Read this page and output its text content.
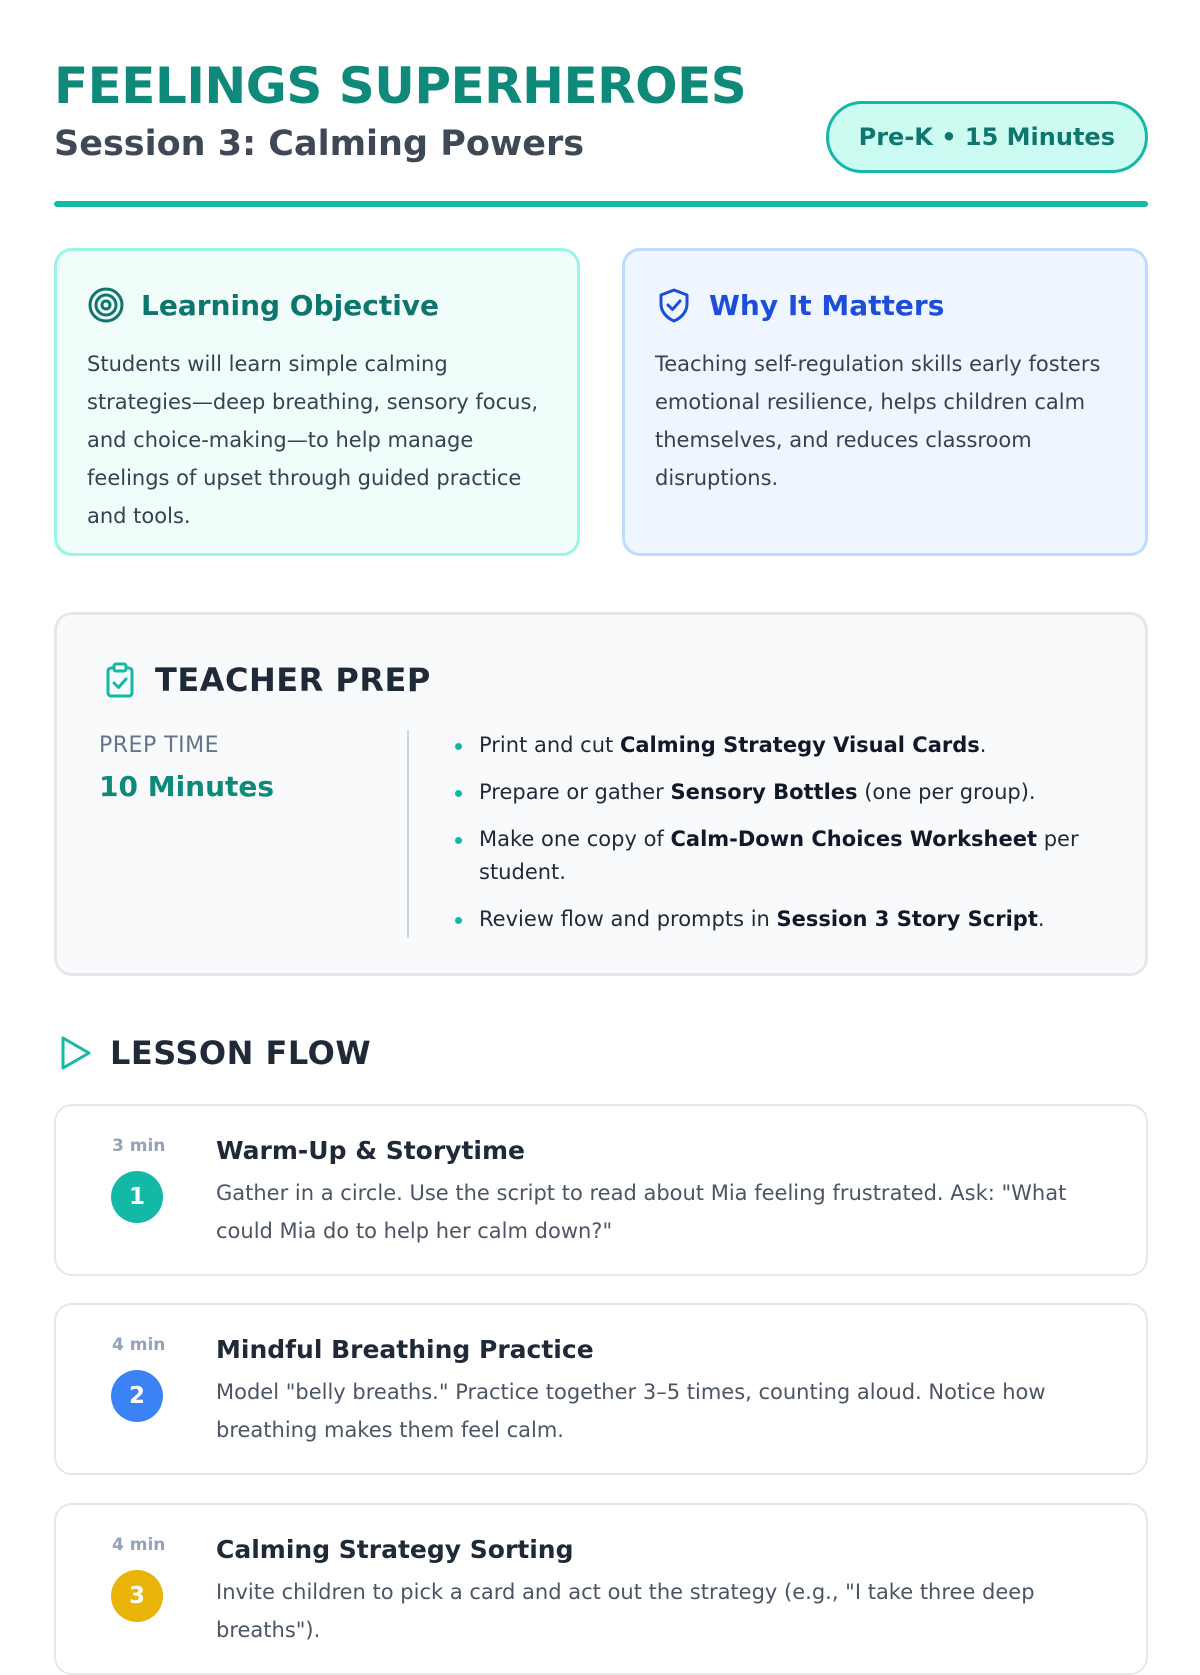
FEELINGS SUPERHEROES
Session 3: Calming Powers	Pre-K • 15 Minutes
Learning Objective
Students will learn simple calming strategies—deep breathing, sensory focus, and choice-making—to help manage feelings of upset through guided practice and tools.
Why It Matters
Teaching self-regulation skills early fosters emotional resilience, helps children calm themselves, and reduces classroom disruptions.
TEACHER PREP
PREP TIME
10 Minutes
Print and cut Calming Strategy Visual Cards.
Prepare or gather Sensory Bottles (one per group).
Make one copy of Calm-Down Choices Worksheet per student.
Review flow and prompts in Session 3 Story Script.
LESSON FLOW
3 min
1
Warm-Up & Storytime
Gather in a circle. Use the script to read about Mia feeling frustrated. Ask: "What could Mia do to help her calm down?"
4 min
2
Mindful Breathing Practice
Model "belly breaths." Practice together 3–5 times, counting aloud. Notice how breathing makes them feel calm.
4 min
3
Calming Strategy Sorting
Invite children to pick a card and act out the strategy (e.g., "I take three deep breaths").
